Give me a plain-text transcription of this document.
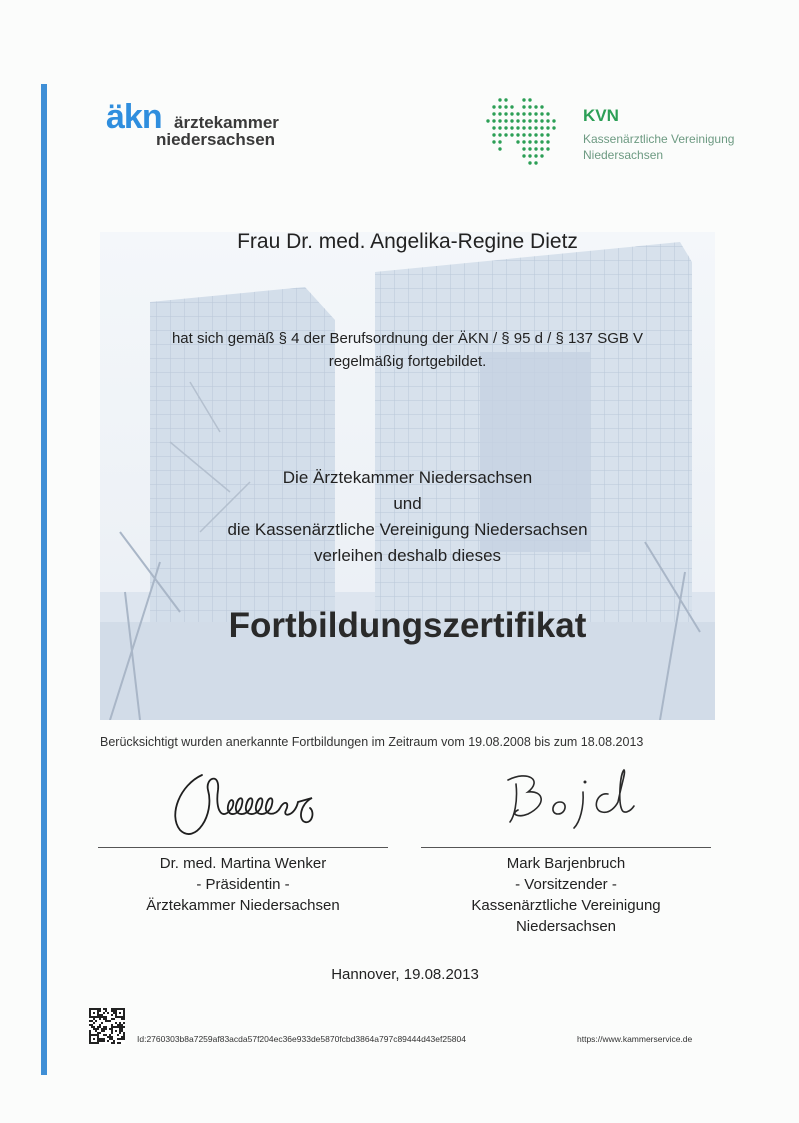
äkn ärztekammer
niedersachsen
KVN
Kassenärztliche Vereinigung
Niedersachsen
Frau Dr. med. Angelika-Regine Dietz
hat sich gemäß § 4 der Berufsordnung der ÄKN / § 95 d / § 137 SGB V
regelmäßig fortgebildet.
Die Ärztekammer Niedersachsen
und
die Kassenärztliche Vereinigung Niedersachsen
verleihen deshalb dieses
Fortbildungszertifikat
Berücksichtigt wurden anerkannte Fortbildungen im Zeitraum vom 19.08.2008 bis zum 18.08.2013
Dr. med. Martina Wenker
- Präsidentin -
Ärztekammer Niedersachsen
Mark Barjenbruch
- Vorsitzender -
Kassenärztliche Vereinigung
Niedersachsen
Hannover, 19.08.2013
Id:2760303b8a7259af83acda57f204ec36e933de5870fcbd3864a797c89444d43ef25804	https://www.kammerservice.de
